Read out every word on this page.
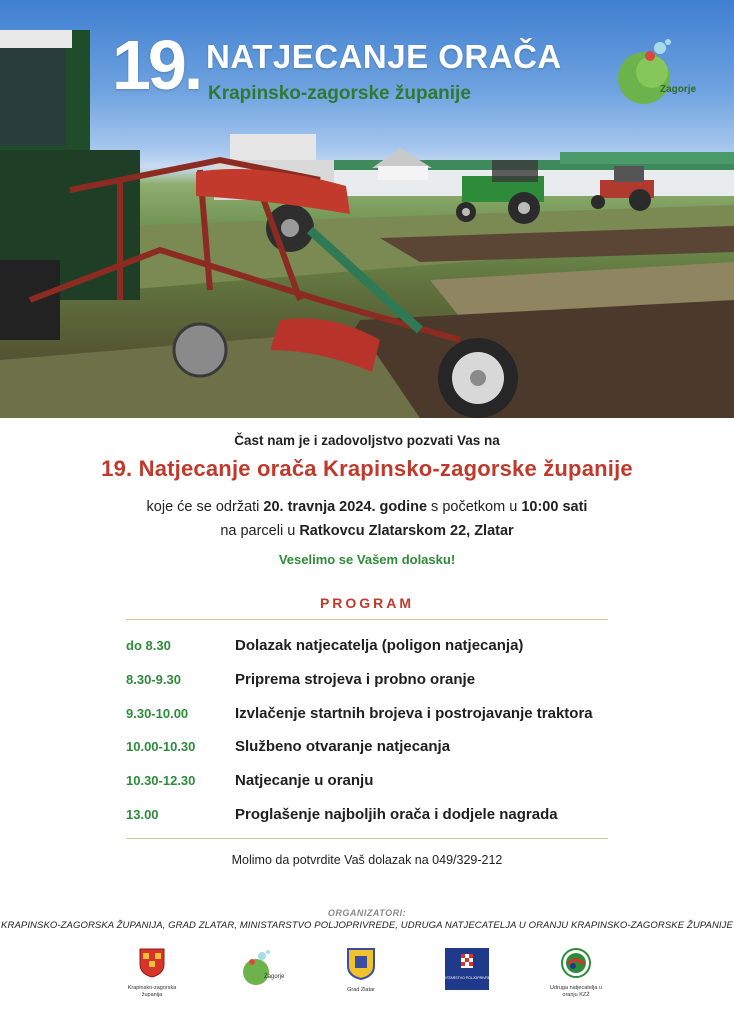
19. NATJECANJE ORAČA
Krapinsko-zagorske županije	Zagorje
Čast nam je i zadovoljstvo pozvati Vas na
19. Natjecanje orača Krapinsko-zagorske županije
koje će se održati 20. travnja 2024. godine s početkom u 10:00 sati
na parceli u Ratkovcu Zlatarskom 22, Zlatar
Veselimo se Vašem dolasku!
PROGRAM
do 8.30	Dolazak natjecatelja (poligon natjecanja)
8.30-9.30	Priprema strojeva i probno oranje
9.30-10.00	Izvlačenje startnih brojeva i postrojavanje traktora
10.00-10.30	Službeno otvaranje natjecanja
10.30-12.30	Natjecanje u oranju
13.00	Proglašenje najboljih orača i dodjele nagrada
Molimo da potvrdite Vaš dolazak na 049/329-212
ORGANIZATORI:
KRAPINSKO-ZAGORSKA ŽUPANIJA, GRAD ZLATAR, MINISTARSTVO POLJOPRIVREDE, UDRUGA NATJECATELJA U ORANJU KRAPINSKO-ZAGORSKE ŽUPANIJE
Krapinsko-zagorska županija
Zagorje
Grad Zlatar
MINISTARSTVO POLJOPRIVREDE
Udruga natjecatelja u oranju KZŽ
